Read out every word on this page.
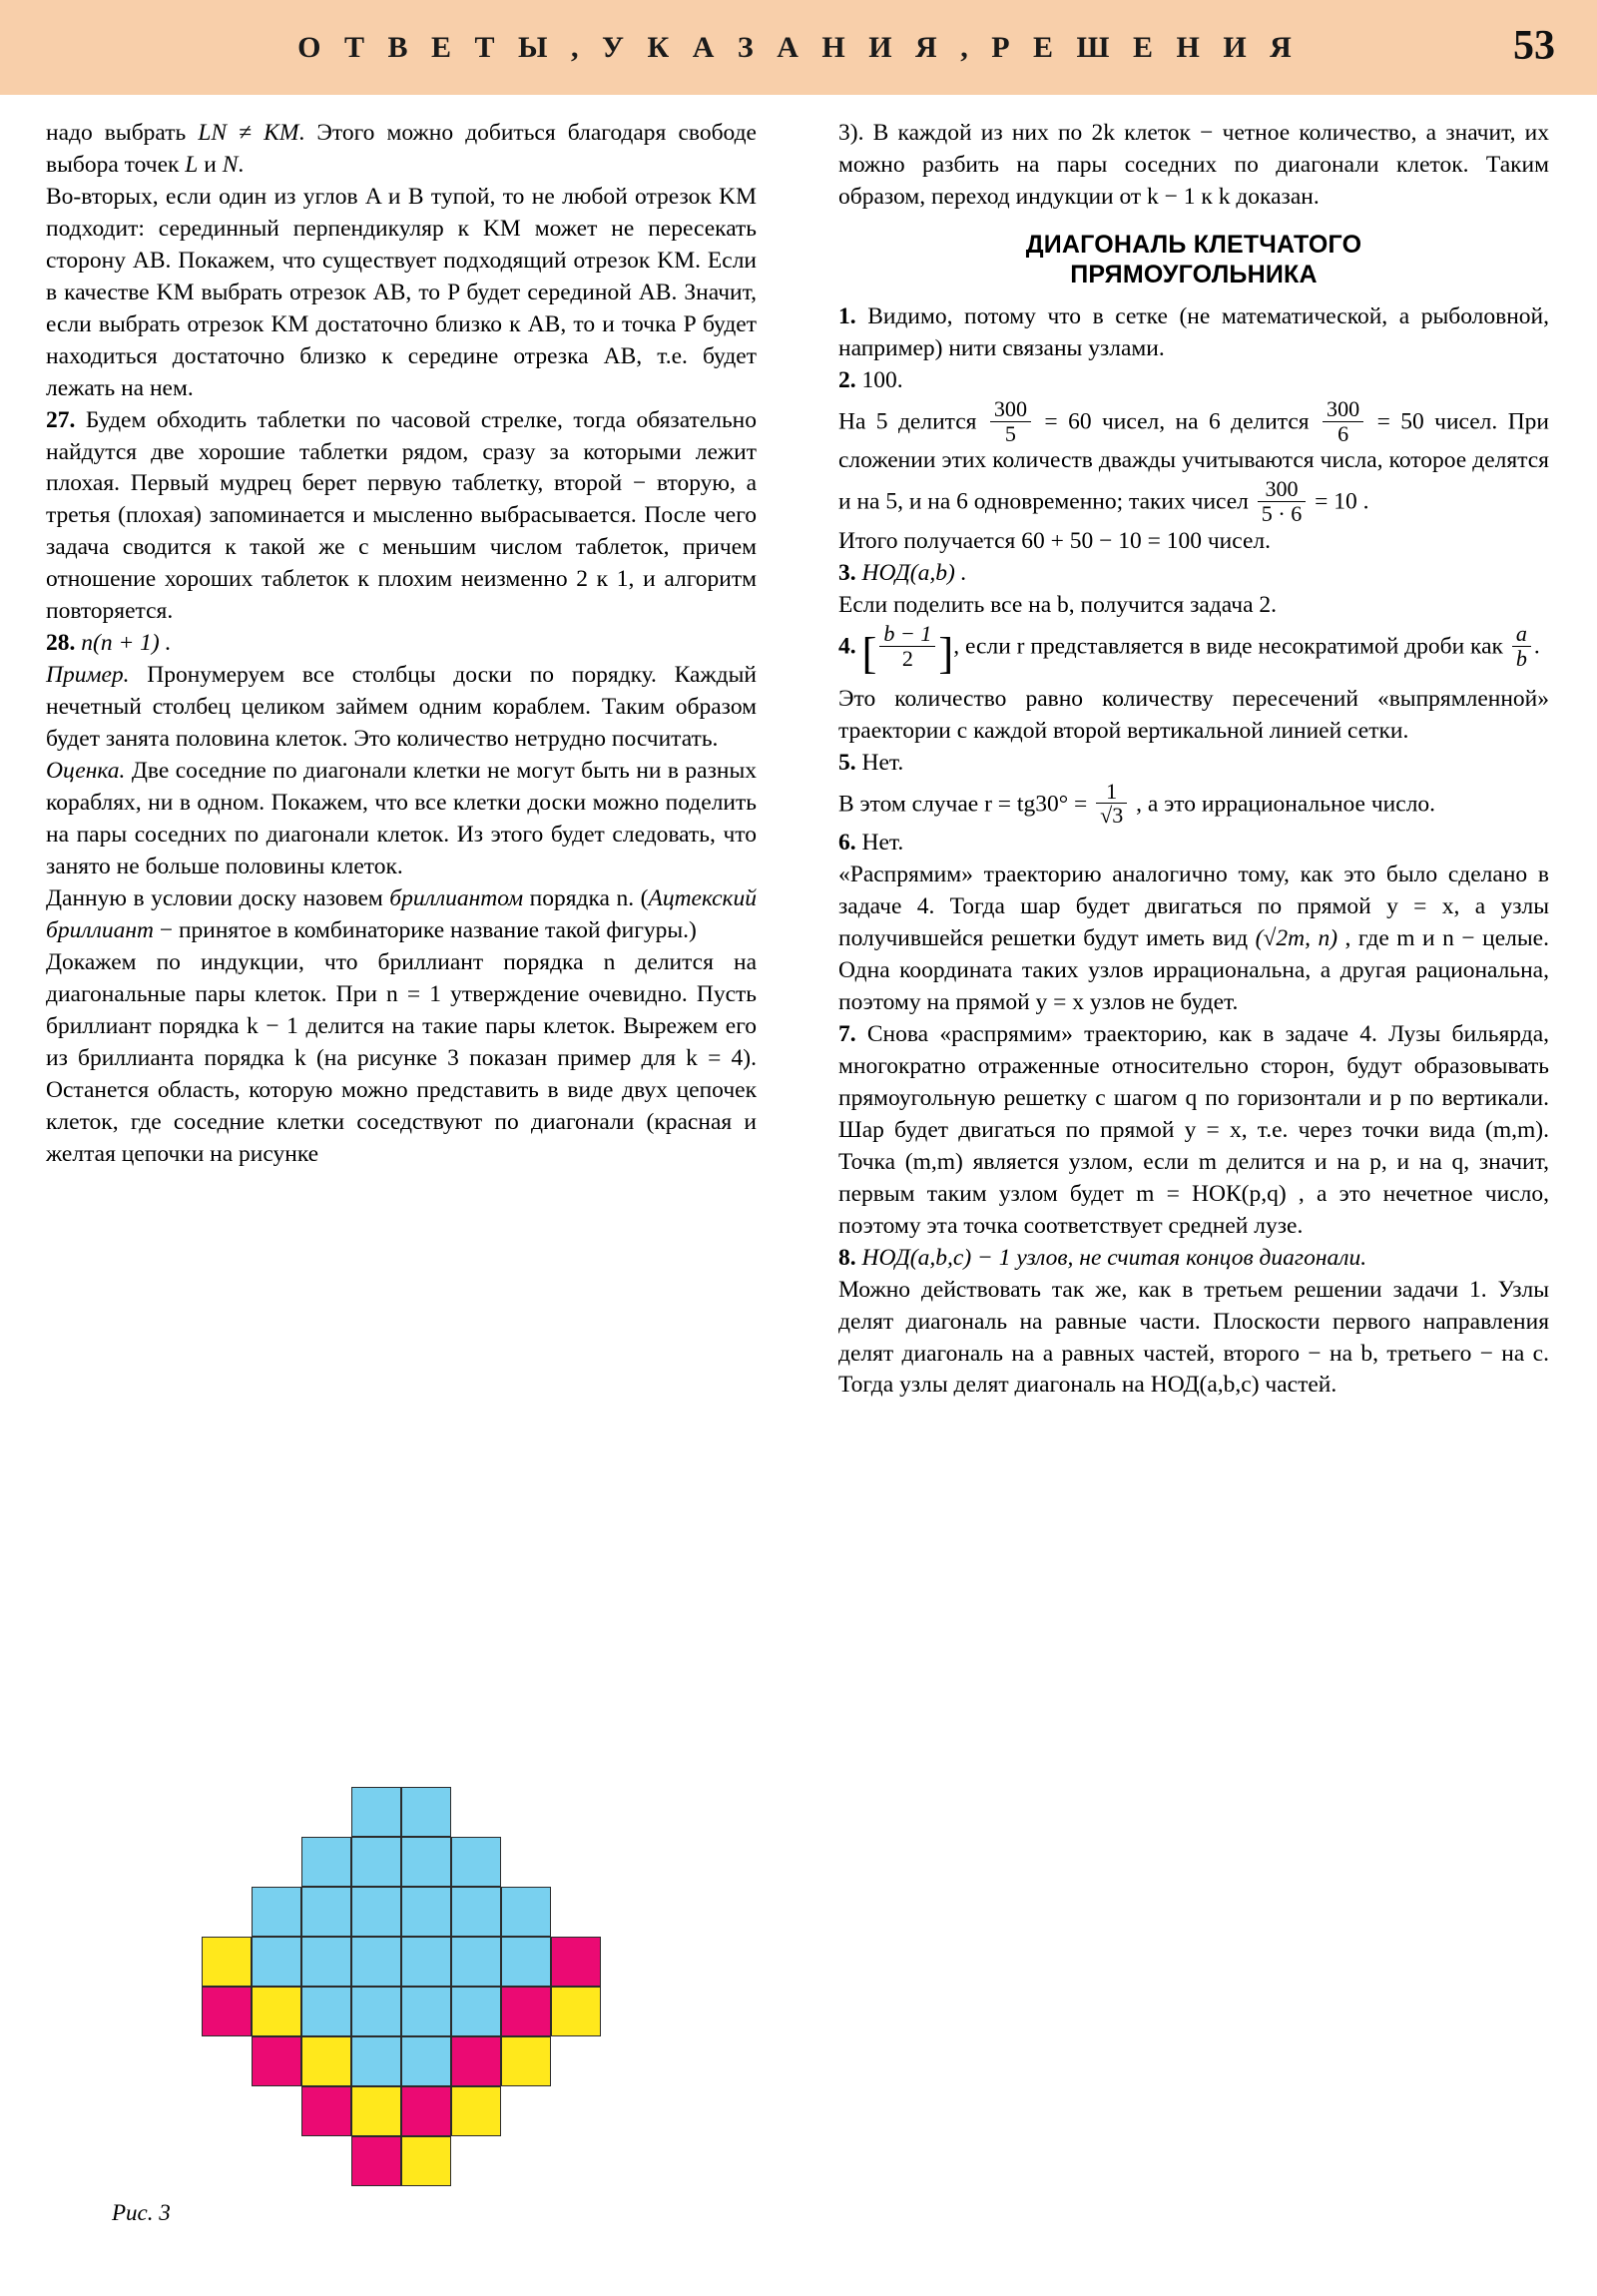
О Т В Е Т Ы , У К А З А Н И Я , Р Е Ш Е Н И Я	53

надо выбрать LN ≠ KM. Этого можно добиться благодаря свободе выбора точек L и N.

Во-вторых, если один из углов A и B тупой, то не любой отрезок KM подходит: серединный перпендикуляр к KM может не пересекать сторону AB. Покажем, что существует подходящий отрезок KM. Если в качестве KM выбрать отрезок AB, то P будет серединой AB. Значит, если выбрать отрезок KM достаточно близко к AB, то и точка P будет находиться достаточно близко к середине отрезка AB, т.е. будет лежать на нем.

27. Будем обходить таблетки по часовой стрелке, тогда обязательно найдутся две хорошие таблетки рядом, сразу за которыми лежит плохая. Первый мудрец берет первую таблетку, второй − вторую, а третья (плохая) запоминается и мысленно выбрасывается. После чего задача сводится к такой же с меньшим числом таблеток, причем отношение хороших таблеток к плохим неизменно 2 к 1, и алгоритм повторяется.

28. n(n + 1) .

Пример. Пронумеруем все столбцы доски по порядку. Каждый нечетный столбец целиком займем одним кораблем. Таким образом будет занята половина клеток. Это количество нетрудно посчитать.

Оценка. Две соседние по диагонали клетки не могут быть ни в разных кораблях, ни в одном. Покажем, что все клетки доски можно поделить на пары соседних по диагонали клеток. Из этого будет следовать, что занято не больше половины клеток.

Данную в условии доску назовем бриллиантом порядка n. (Ацтекский бриллиант − принятое в комбинаторике название такой фигуры.)

Докажем по индукции, что бриллиант порядка n делится на диагональные пары клеток. При n = 1 утверждение очевидно. Пусть бриллиант порядка k − 1 делится на такие пары клеток. Вырежем его из бриллианта порядка k (на рисунке 3 показан пример для k = 4). Останется область, которую можно представить в виде двух цепочек клеток, где соседние клетки соседствуют по диагонали (красная и желтая цепочки на рисунке

3). В каждой из них по 2k клеток − четное количество, а значит, их можно разбить на пары соседних по диагонали клеток. Таким образом, переход индукции от k − 1 к k доказан.

ДИАГОНАЛЬ КЛЕТЧАТОГО
ПРЯМОУГОЛЬНИКА

1. Видимо, потому что в сетке (не математической, а рыболовной, например) нити связаны узлами.

2. 100.

На 5 делится $\frac{300}{5} = 60$ чисел, на 6 делится $\frac{300}{6} = 50$ чисел. При сложении этих количеств дважды учитываются числа, которое делятся и на 5, и на 6 одновременно; таких чисел $\frac{300}{5 \cdot 6} = 10$ .

Итого получается 60 + 50 − 10 = 100 чисел.

3. НОД(a,b) .

Если поделить все на b, получится задача 2.

4. [ $\frac{b - 1}{2}$ ], если r представляется в виде несократимой дроби как $\frac{a}{b}$ .

Это количество равно количеству пересечений «выпрямленной» траектории с каждой второй вертикальной линией сетки.

5. Нет.

В этом случае $r = tg30^\circ = \frac{1}{√3}$ , а это иррациональное число.

6. Нет.

«Распрямим» траекторию аналогично тому, как это было сделано в задаче 4. Тогда шар будет двигаться по прямой y = x, а узлы получившейся решетки будут иметь вид (√2m, n) , где m и n − целые. Одна координата таких узлов иррациональна, а другая рациональна, поэтому на прямой y = x узлов не будет.

7. Снова «распрямим» траекторию, как в задаче 4. Лузы бильярда, многократно отраженные относительно сторон, будут образовывать прямоугольную решетку с шагом q по горизонтали и p по вертикали. Шар будет двигаться по прямой y = x, т.е. через точки вида (m,m). Точка (m,m) является узлом, если m делится и на p, и на q, значит, первым таким узлом будет m = НОК(p,q) , а это нечетное число, поэтому эта точка соответствует средней лузе.

8. НОД(a,b,c) − 1 узлов, не считая концов диагонали.

Можно действовать так же, как в третьем решении задачи 1. Узлы делят диагональ на равные части. Плоскости первого направления делят диагональ на a равных частей, второго − на b, третьего − на c. Тогда узлы делят диагональ на НОД(a,b,c) частей.

Рис. 3
